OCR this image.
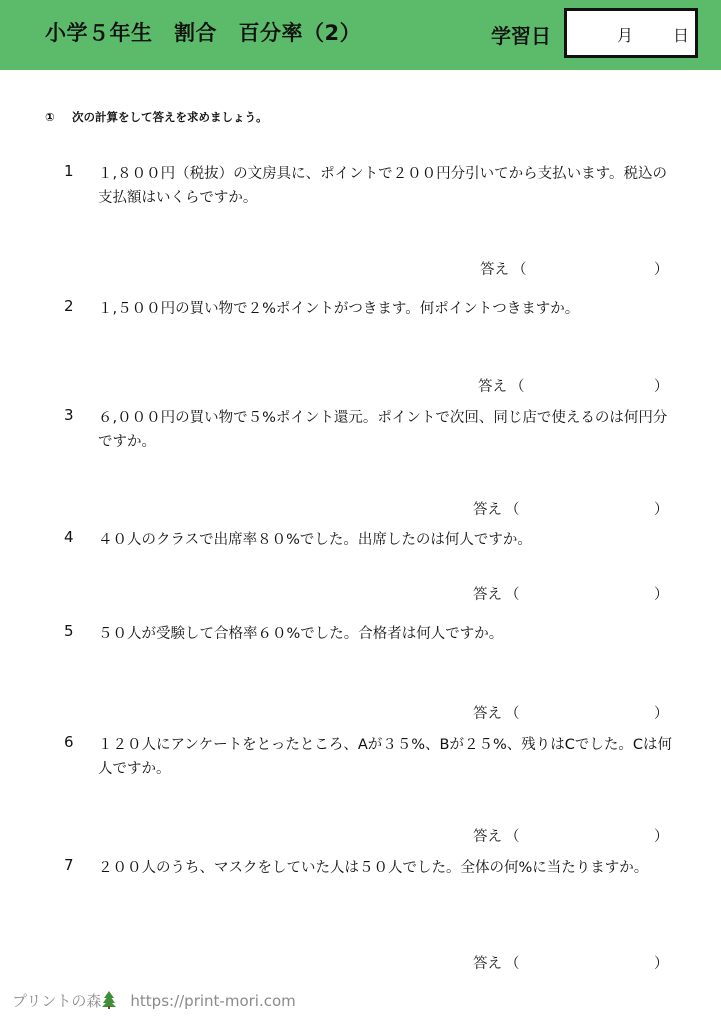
小学５年生　割合　百分率（2）	学習日	月 日
① 次の計算をして答えを求めましょう。
1 １,８００円（税抜）の文房具に、ポイントで２００円分引いてから支払います。税込の支払額はいくらですか。
答え （	）
2 １,５００円の買い物で２%ポイントがつきます。何ポイントつきますか。
答え （	）
3 ６,０００円の買い物で５%ポイント還元。ポイントで次回、同じ店で使えるのは何円分ですか。
答え （	）
4 ４０人のクラスで出席率８０%でした。出席したのは何人ですか。
答え （	）
5 ５０人が受験して合格率６０%でした。合格者は何人ですか。
答え （	）
6 １２０人にアンケートをとったところ、Aが３５%、Bが２５%、残りはCでした。Cは何人ですか。
答え （	）
7 ２００人のうち、マスクをしていた人は５０人でした。全体の何%に当たりますか。
答え （	）
プリントの森 https://print-mori.com
